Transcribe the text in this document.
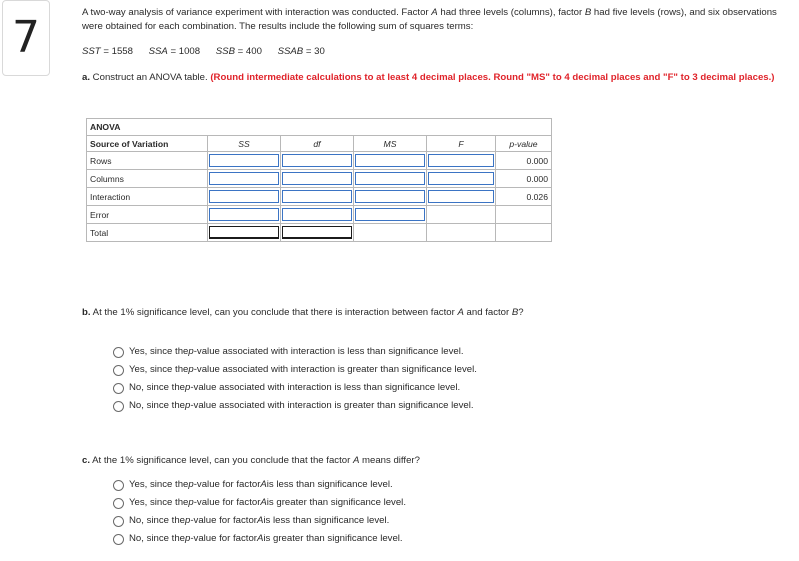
7	A two-way analysis of variance experiment with interaction was conducted. Factor A had three levels (columns), factor B had five levels (rows), and six observations were obtained for each combination. The results include the following sum of squares terms:
SST = 1558 SSA = 1008 SSB = 400 SSAB = 30
a. Construct an ANOVA table. (Round intermediate calculations to at least 4 decimal places. Round "MS" to 4 decimal places and "F" to 3 decimal places.)
ANOVA					
Source of Variation	SS	df	MS	F	p-value
Rows					0.000
Columns					0.000
Interaction					0.026
Error	

Total	

b. At the 1% significance level, can you conclude that there is interaction between factor A and factor B?
Yes, since the p -value associated with interaction is less than significance level.
Yes, since the p -value associated with interaction is greater than significance level.
No, since the p -value associated with interaction is less than significance level.
No, since the p -value associated with interaction is greater than significance level.
c. At the 1% significance level, can you conclude that the factor A means differ?
Yes, since the p -value for factor A is less than significance level.
Yes, since the p -value for factor A is greater than significance level.
No, since the p -value for factor A is less than significance level.
No, since the p -value for factor A is greater than significance level.
